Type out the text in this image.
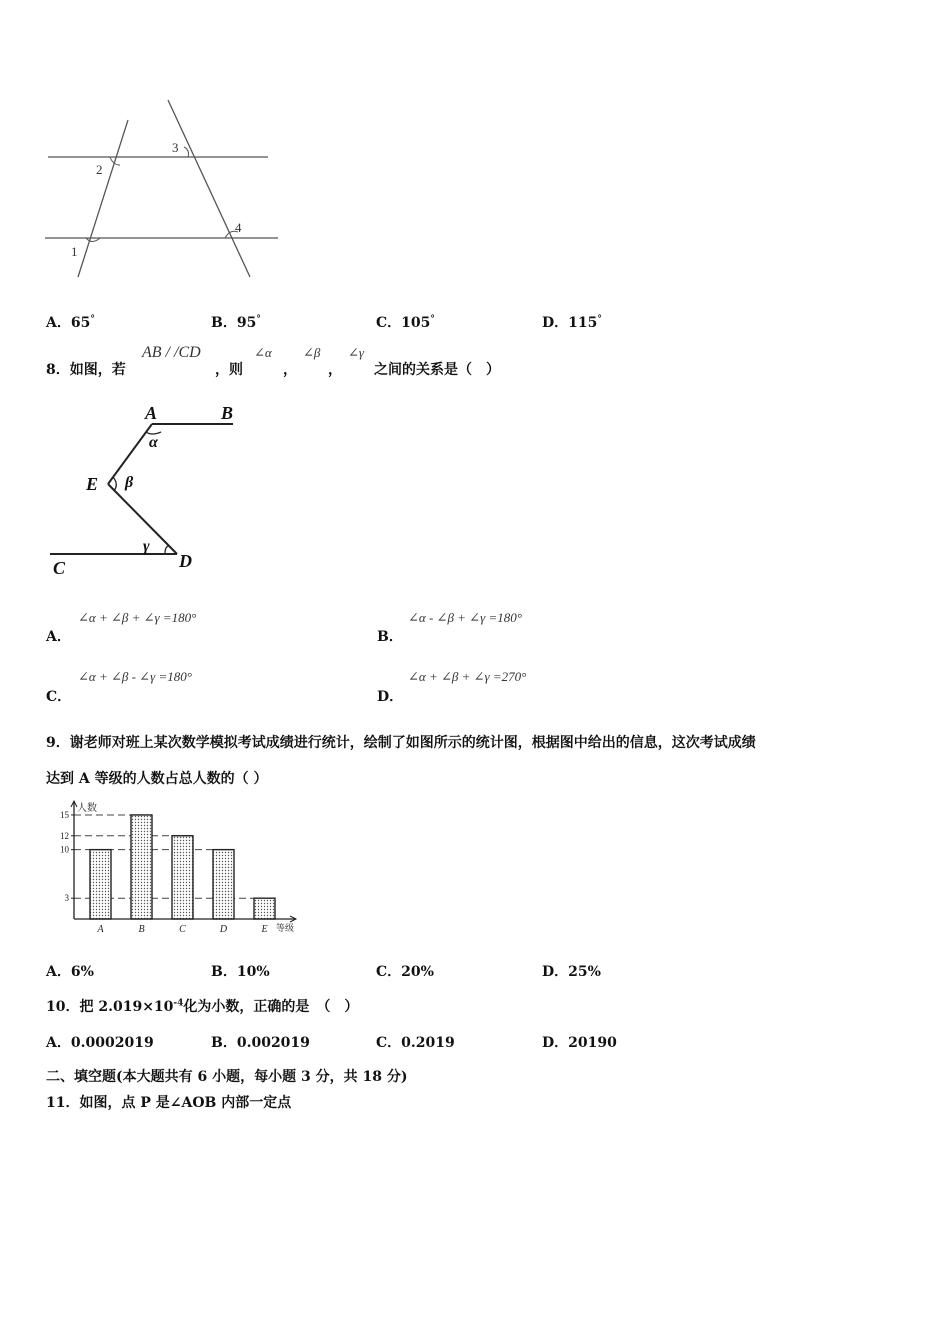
1
2
3
4
A．65°	B．95°	C．105°	D．115°
8．如图，若
AB / /CD
，则
∠α
，
∠β
，
∠γ
之间的关系是（　）
A	B
E
C	D
α
β
γ
A．
∠α + ∠β + ∠γ =180°
B．
∠α - ∠β + ∠γ =180°
C．
∠α + ∠β - ∠γ =180°
D．
∠α + ∠β + ∠γ =270°
9．谢老师对班上某次数学模拟考试成绩进行统计，绘制了如图所示的统计图，根据图中给出的信息，这次考试成绩
达到 A 等级的人数占总人数的（ ）
15
12
10
3
A	B	C	D	E
人数
等级
A．6%	B．10%	C．20%	D．25%
10．把 $2.019\times 10^{-4}$化为小数，正确的是　（　）
A．0.0002019	B．0.002019	C．0.2019	D．20190
二、填空题(本大题共有 6 小题，每小题 3 分，共 18 分)
11．如图，点 P 是∠AOB 内部一定点
